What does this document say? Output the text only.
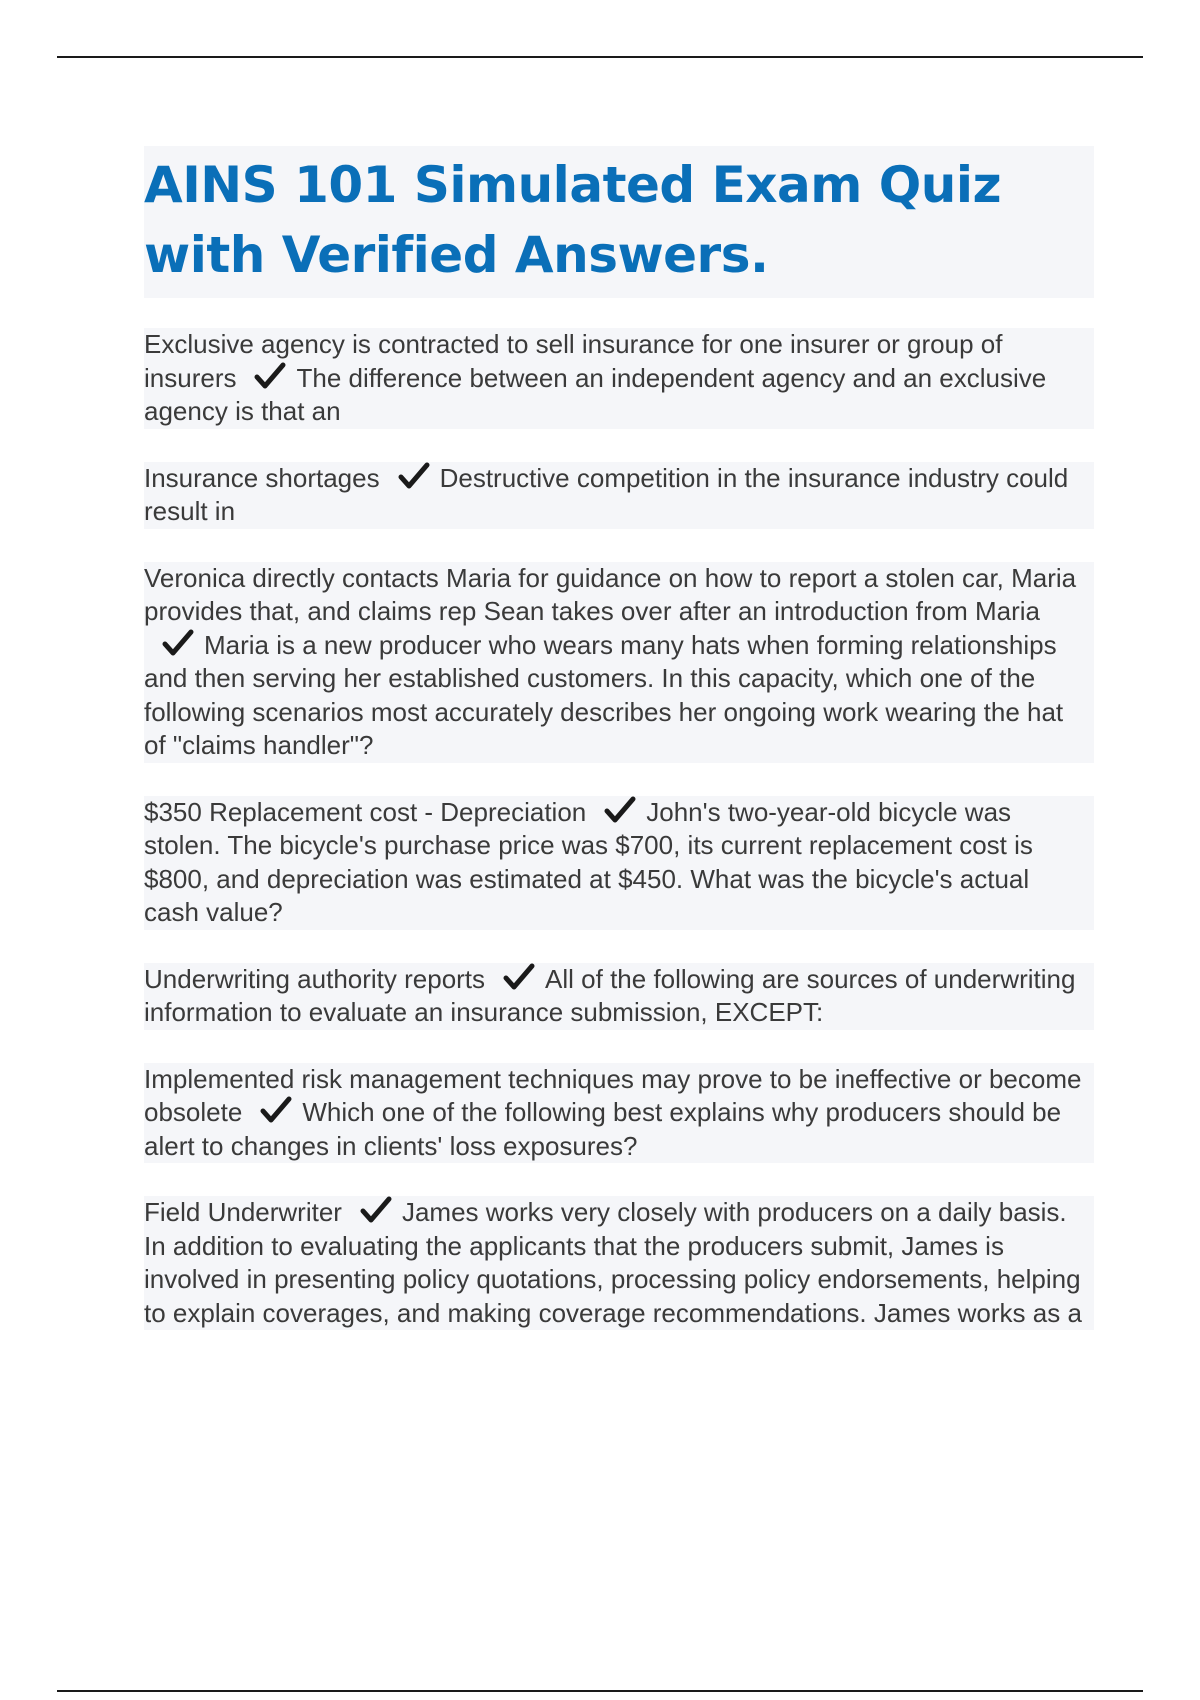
AINS 101 Simulated Exam Quiz with Verified Answers.

Exclusive agency is contracted to sell insurance for one insurer or group of insurers The difference between an independent agency and an exclusive agency is that an

Insurance shortages Destructive competition in the insurance industry could result in

Veronica directly contacts Maria for guidance on how to report a stolen car, Maria provides that, and claims rep Sean takes over after an introduction from MariaMaria is a new producer who wears many hats when forming relationships and then serving her established customers. In this capacity, which one of the following scenarios most accurately describes her ongoing work wearing the hat of "claims handler"?

$350 Replacement cost - Depreciation John's two-year-old bicycle was stolen. The bicycle's purchase price was $700, its current replacement cost is $800, and depreciation was estimated at $450. What was the bicycle's actual cash value?

Underwriting authority reports All of the following are sources of underwriting information to evaluate an insurance submission, EXCEPT:

Implemented risk management techniques may prove to be ineffective or become obsolete Which one of the following best explains why producers should be alert to changes in clients' loss exposures?

Field Underwriter James works very closely with producers on a daily basis. In addition to evaluating the applicants that the producers submit, James is involved in presenting policy quotations, processing policy endorsements, helping to explain coverages, and making coverage recommendations. James works as a
